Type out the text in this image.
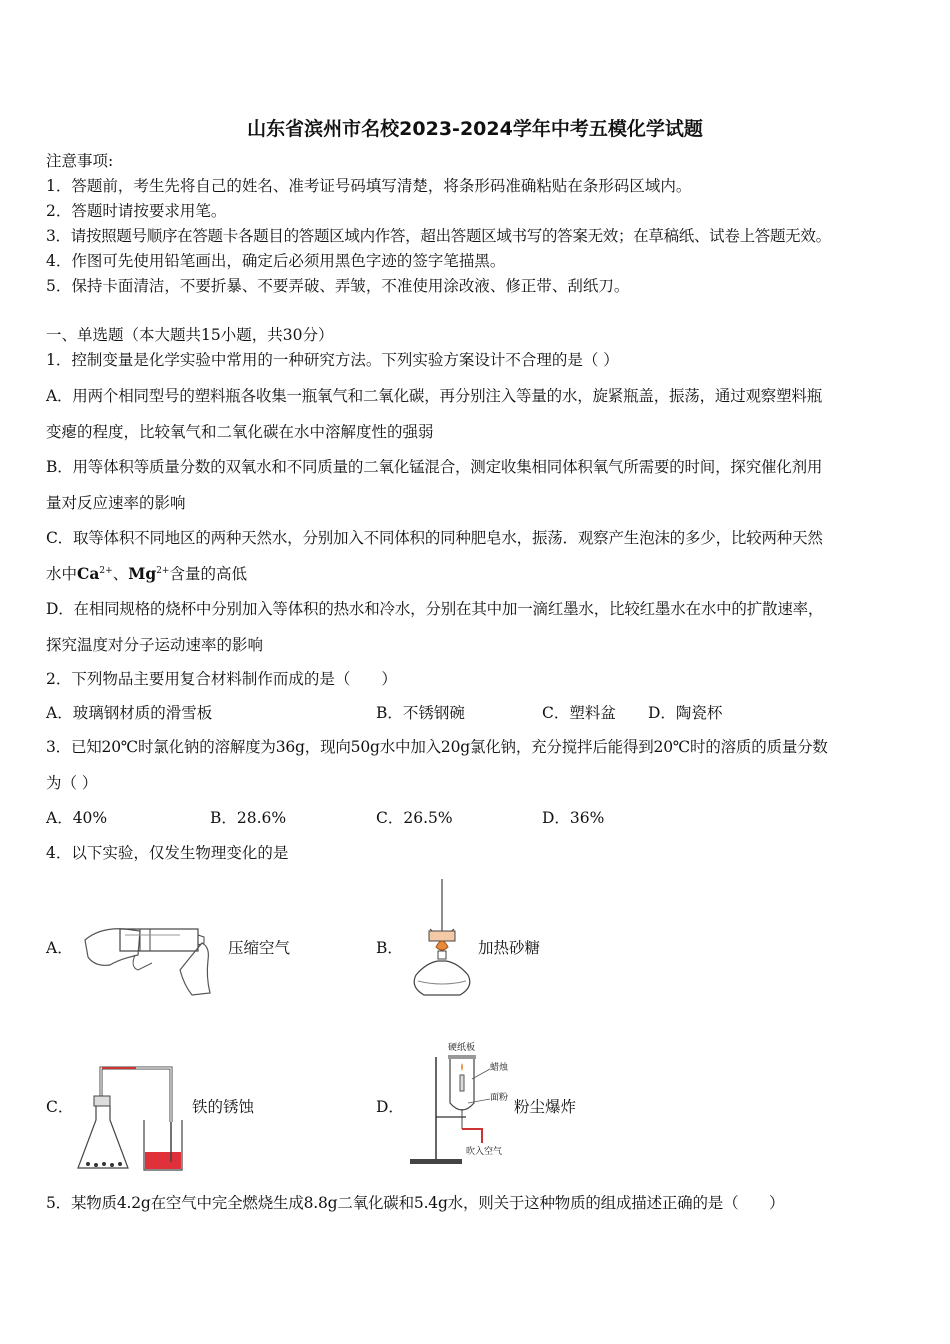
山东省滨州市名校2023-2024学年中考五模化学试题
注意事项:
1．答题前，考生先将自己的姓名、准考证号码填写清楚，将条形码准确粘贴在条形码区域内。
2．答题时请按要求用笔。
3．请按照题号顺序在答题卡各题目的答题区域内作答，超出答题区域书写的答案无效；在草稿纸、试卷上答题无效。
4．作图可先使用铅笔画出，确定后必须用黑色字迹的签字笔描黑。
5．保持卡面清洁，不要折暴、不要弄破、弄皱，不准使用涂改液、修正带、刮纸刀。
一、单选题（本大题共15小题，共30分）
1．控制变量是化学实验中常用的一种研究方法。下列实验方案设计不合理的是（ ）
A．用两个相同型号的塑料瓶各收集一瓶氧气和二氧化碳，再分别注入等量的水，旋紧瓶盖，振荡，通过观察塑料瓶
变瘪的程度，比较氧气和二氧化碳在水中溶解度性的强弱
B．用等体积等质量分数的双氧水和不同质量的二氧化锰混合，测定收集相同体积氧气所需要的时间，探究催化剂用
量对反应速率的影响
C．取等体积不同地区的两种天然水，分别加入不同体积的同种肥皂水，振荡．观察产生泡沫的多少，比较两种天然
水中$Ca^{2+}$、$Mg^{2+}$含量的高低
D．在相同规格的烧杯中分别加入等体积的热水和冷水，分别在其中加一滴红墨水，比较红墨水在水中的扩散速率，
探究温度对分子运动速率的影响
2．下列物品主要用复合材料制作而成的是（　　）
A．玻璃钢材质的滑雪板	B．不锈钢碗	C．塑料盆 D．陶瓷杯
3．已知20℃时氯化钠的溶解度为36g，现向50g水中加入20g氯化钠，充分搅拌后能得到20℃时的溶质的质量分数
为（ ）
A．40%	B．28.6%	C．26.5%	D．36%
4．以下实验，仅发生物理变化的是
A．	压缩空气	B．	加热砂糖
C．	铁的锈蚀	D．
硬纸板
蜡烛
面粉
吹入空气
粉尘爆炸
5．某物质4.2g在空气中完全燃烧生成8.8g二氧化碳和5.4g水，则关于这种物质的组成描述正确的是（　　）
